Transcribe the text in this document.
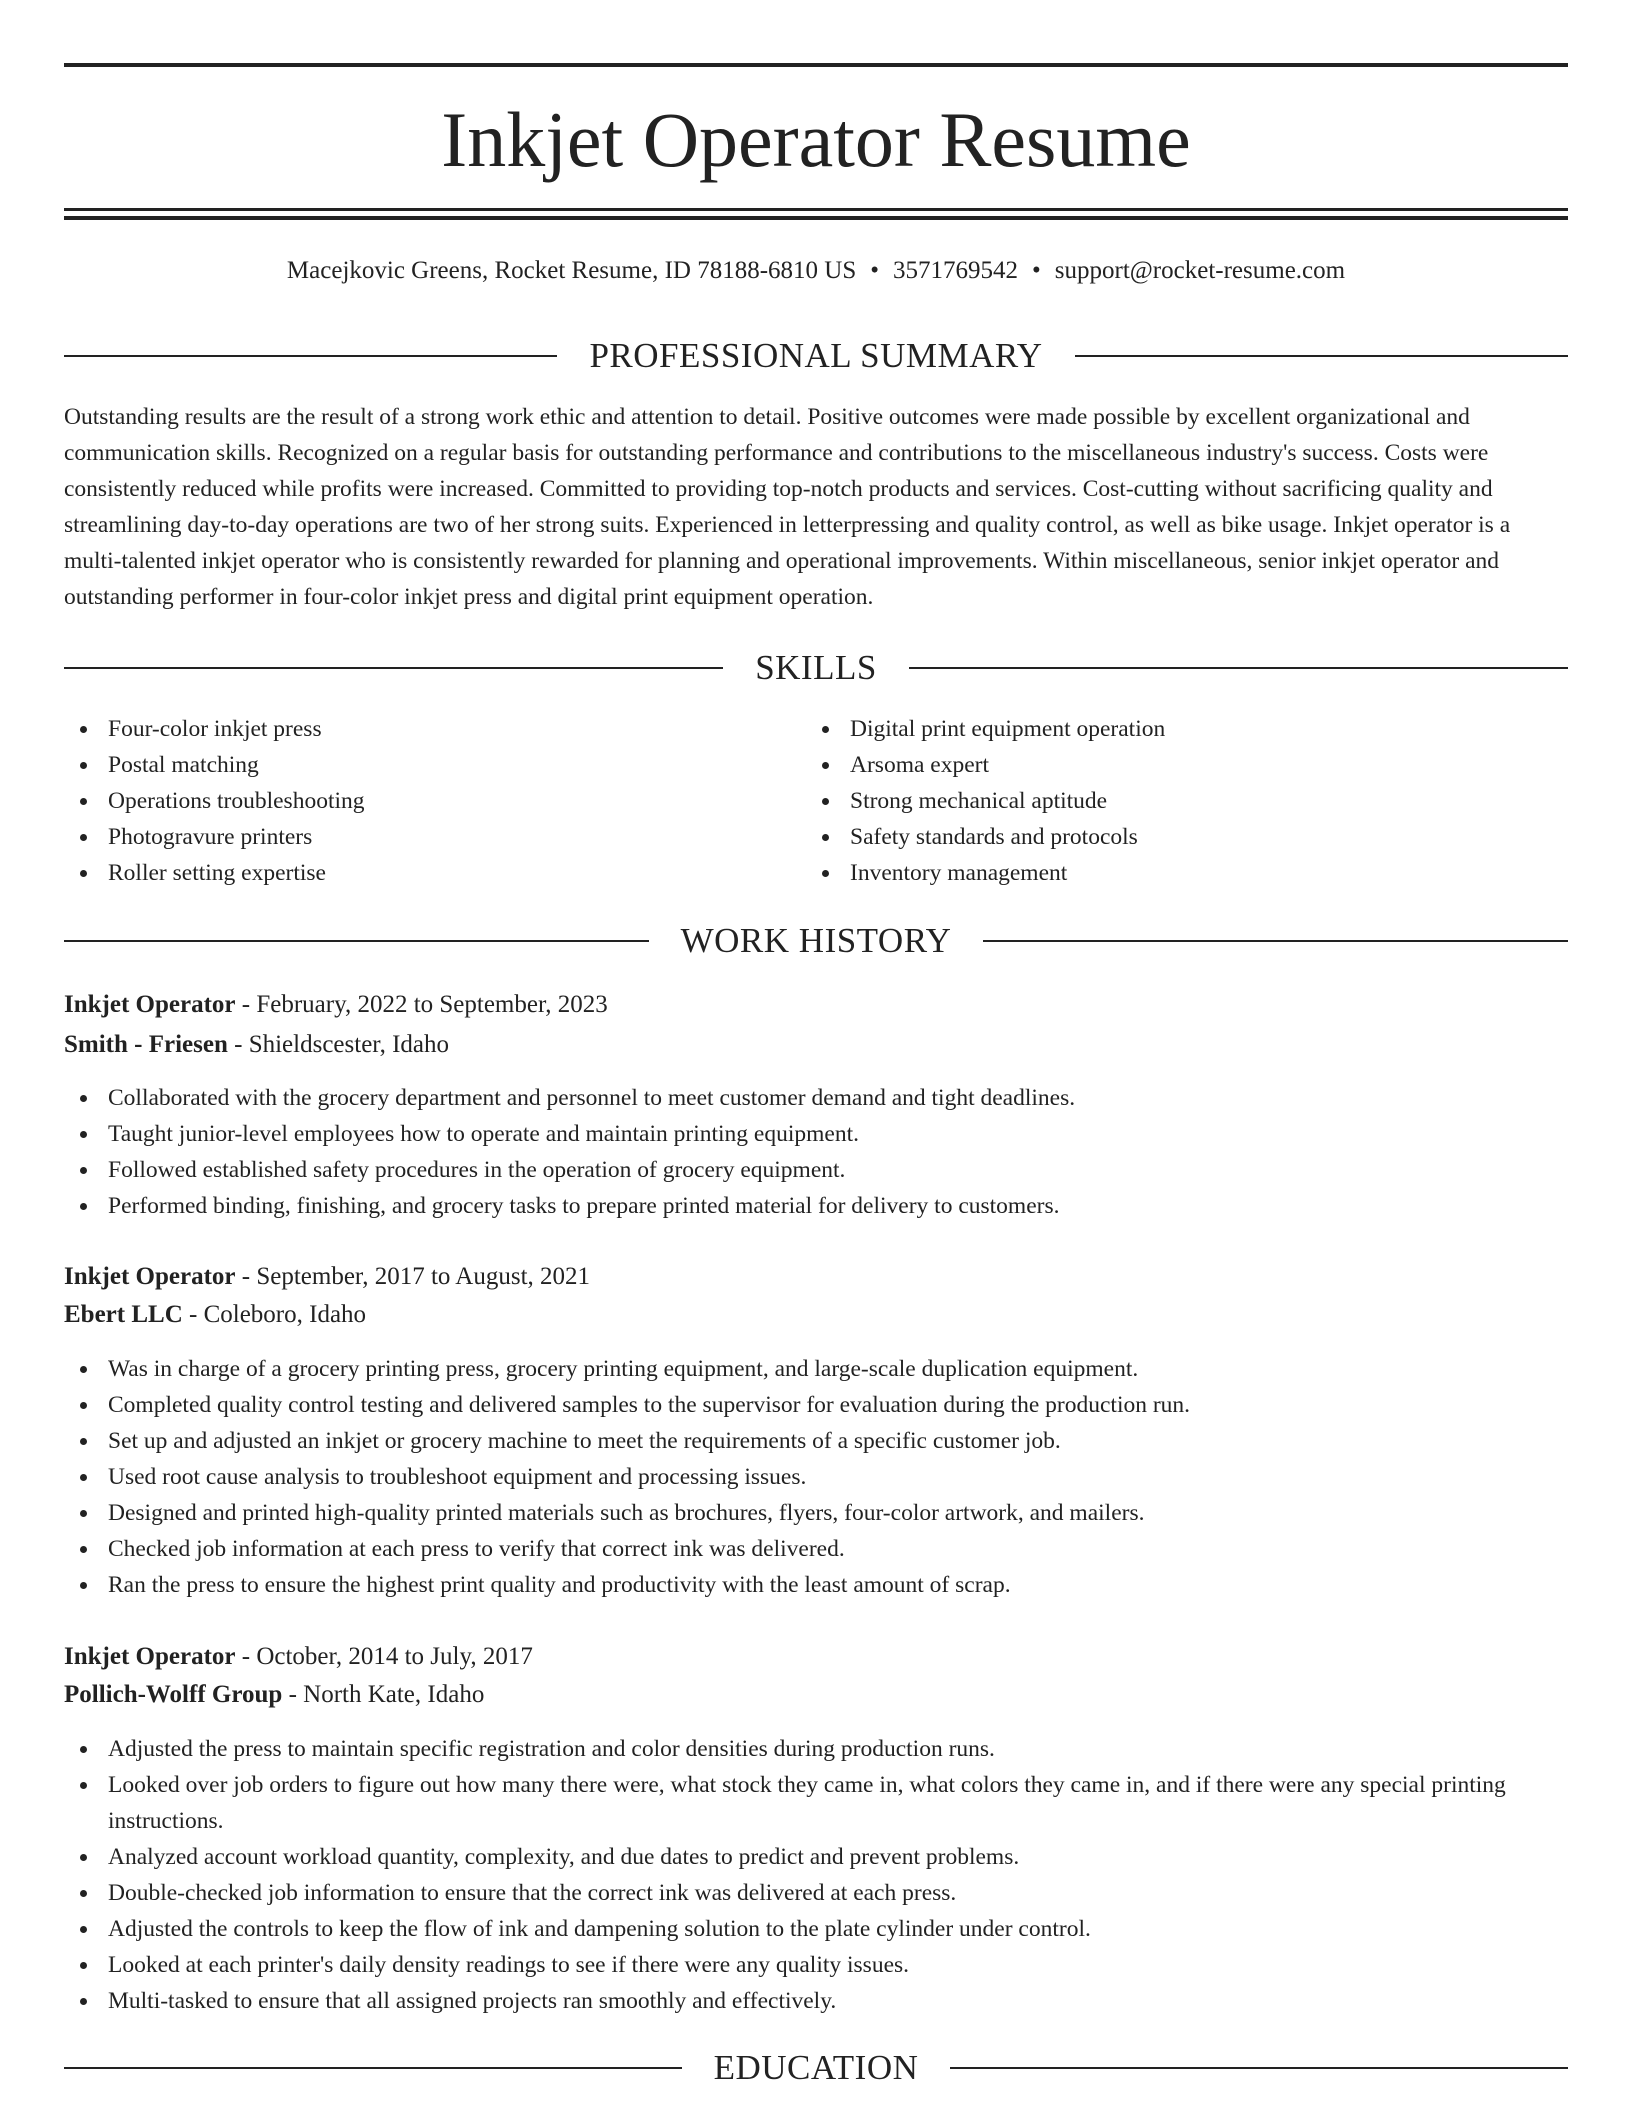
Inkjet Operator Resume
Macejkovic Greens, Rocket Resume, ID 78188-6810 US • 3571769542 • support@rocket-resume.com
PROFESSIONAL SUMMARY

Outstanding results are the result of a strong work ethic and attention to detail. Positive outcomes were made possible by excellent organizational and communication skills. Recognized on a regular basis for outstanding performance and contributions to the miscellaneous industry's success. Costs were consistently reduced while profits were increased. Committed to providing top-notch products and services. Cost-cutting without sacrificing quality and streamlining day-to-day operations are two of her strong suits. Experienced in letterpressing and quality control, as well as bike usage. Inkjet operator is a multi-talented inkjet operator who is consistently rewarded for planning and operational improvements. Within miscellaneous, senior inkjet operator and outstanding performer in four-color inkjet press and digital print equipment operation.

SKILLS
Four-color inkjet press
Postal matching
Operations troubleshooting
Photogravure printers
Roller setting expertise
Digital print equipment operation
Arsoma expert
Strong mechanical aptitude
Safety standards and protocols
Inventory management
WORK HISTORY
Inkjet Operator - February, 2022 to September, 2023
Smith - Friesen - Shieldscester, Idaho
Collaborated with the grocery department and personnel to meet customer demand and tight deadlines.
Taught junior-level employees how to operate and maintain printing equipment.
Followed established safety procedures in the operation of grocery equipment.
Performed binding, finishing, and grocery tasks to prepare printed material for delivery to customers.
Inkjet Operator - September, 2017 to August, 2021
Ebert LLC - Coleboro, Idaho
Was in charge of a grocery printing press, grocery printing equipment, and large-scale duplication equipment.
Completed quality control testing and delivered samples to the supervisor for evaluation during the production run.
Set up and adjusted an inkjet or grocery machine to meet the requirements of a specific customer job.
Used root cause analysis to troubleshoot equipment and processing issues.
Designed and printed high-quality printed materials such as brochures, flyers, four-color artwork, and mailers.
Checked job information at each press to verify that correct ink was delivered.
Ran the press to ensure the highest print quality and productivity with the least amount of scrap.
Inkjet Operator - October, 2014 to July, 2017
Pollich-Wolff Group - North Kate, Idaho
Adjusted the press to maintain specific registration and color densities during production runs.
Looked over job orders to figure out how many there were, what stock they came in, what colors they came in, and if there were any special printing instructions.
Analyzed account workload quantity, complexity, and due dates to predict and prevent problems.
Double-checked job information to ensure that the correct ink was delivered at each press.
Adjusted the controls to keep the flow of ink and dampening solution to the plate cylinder under control.
Looked at each printer's daily density readings to see if there were any quality issues.
Multi-tasked to ensure that all assigned projects ran smoothly and effectively.
EDUCATION
